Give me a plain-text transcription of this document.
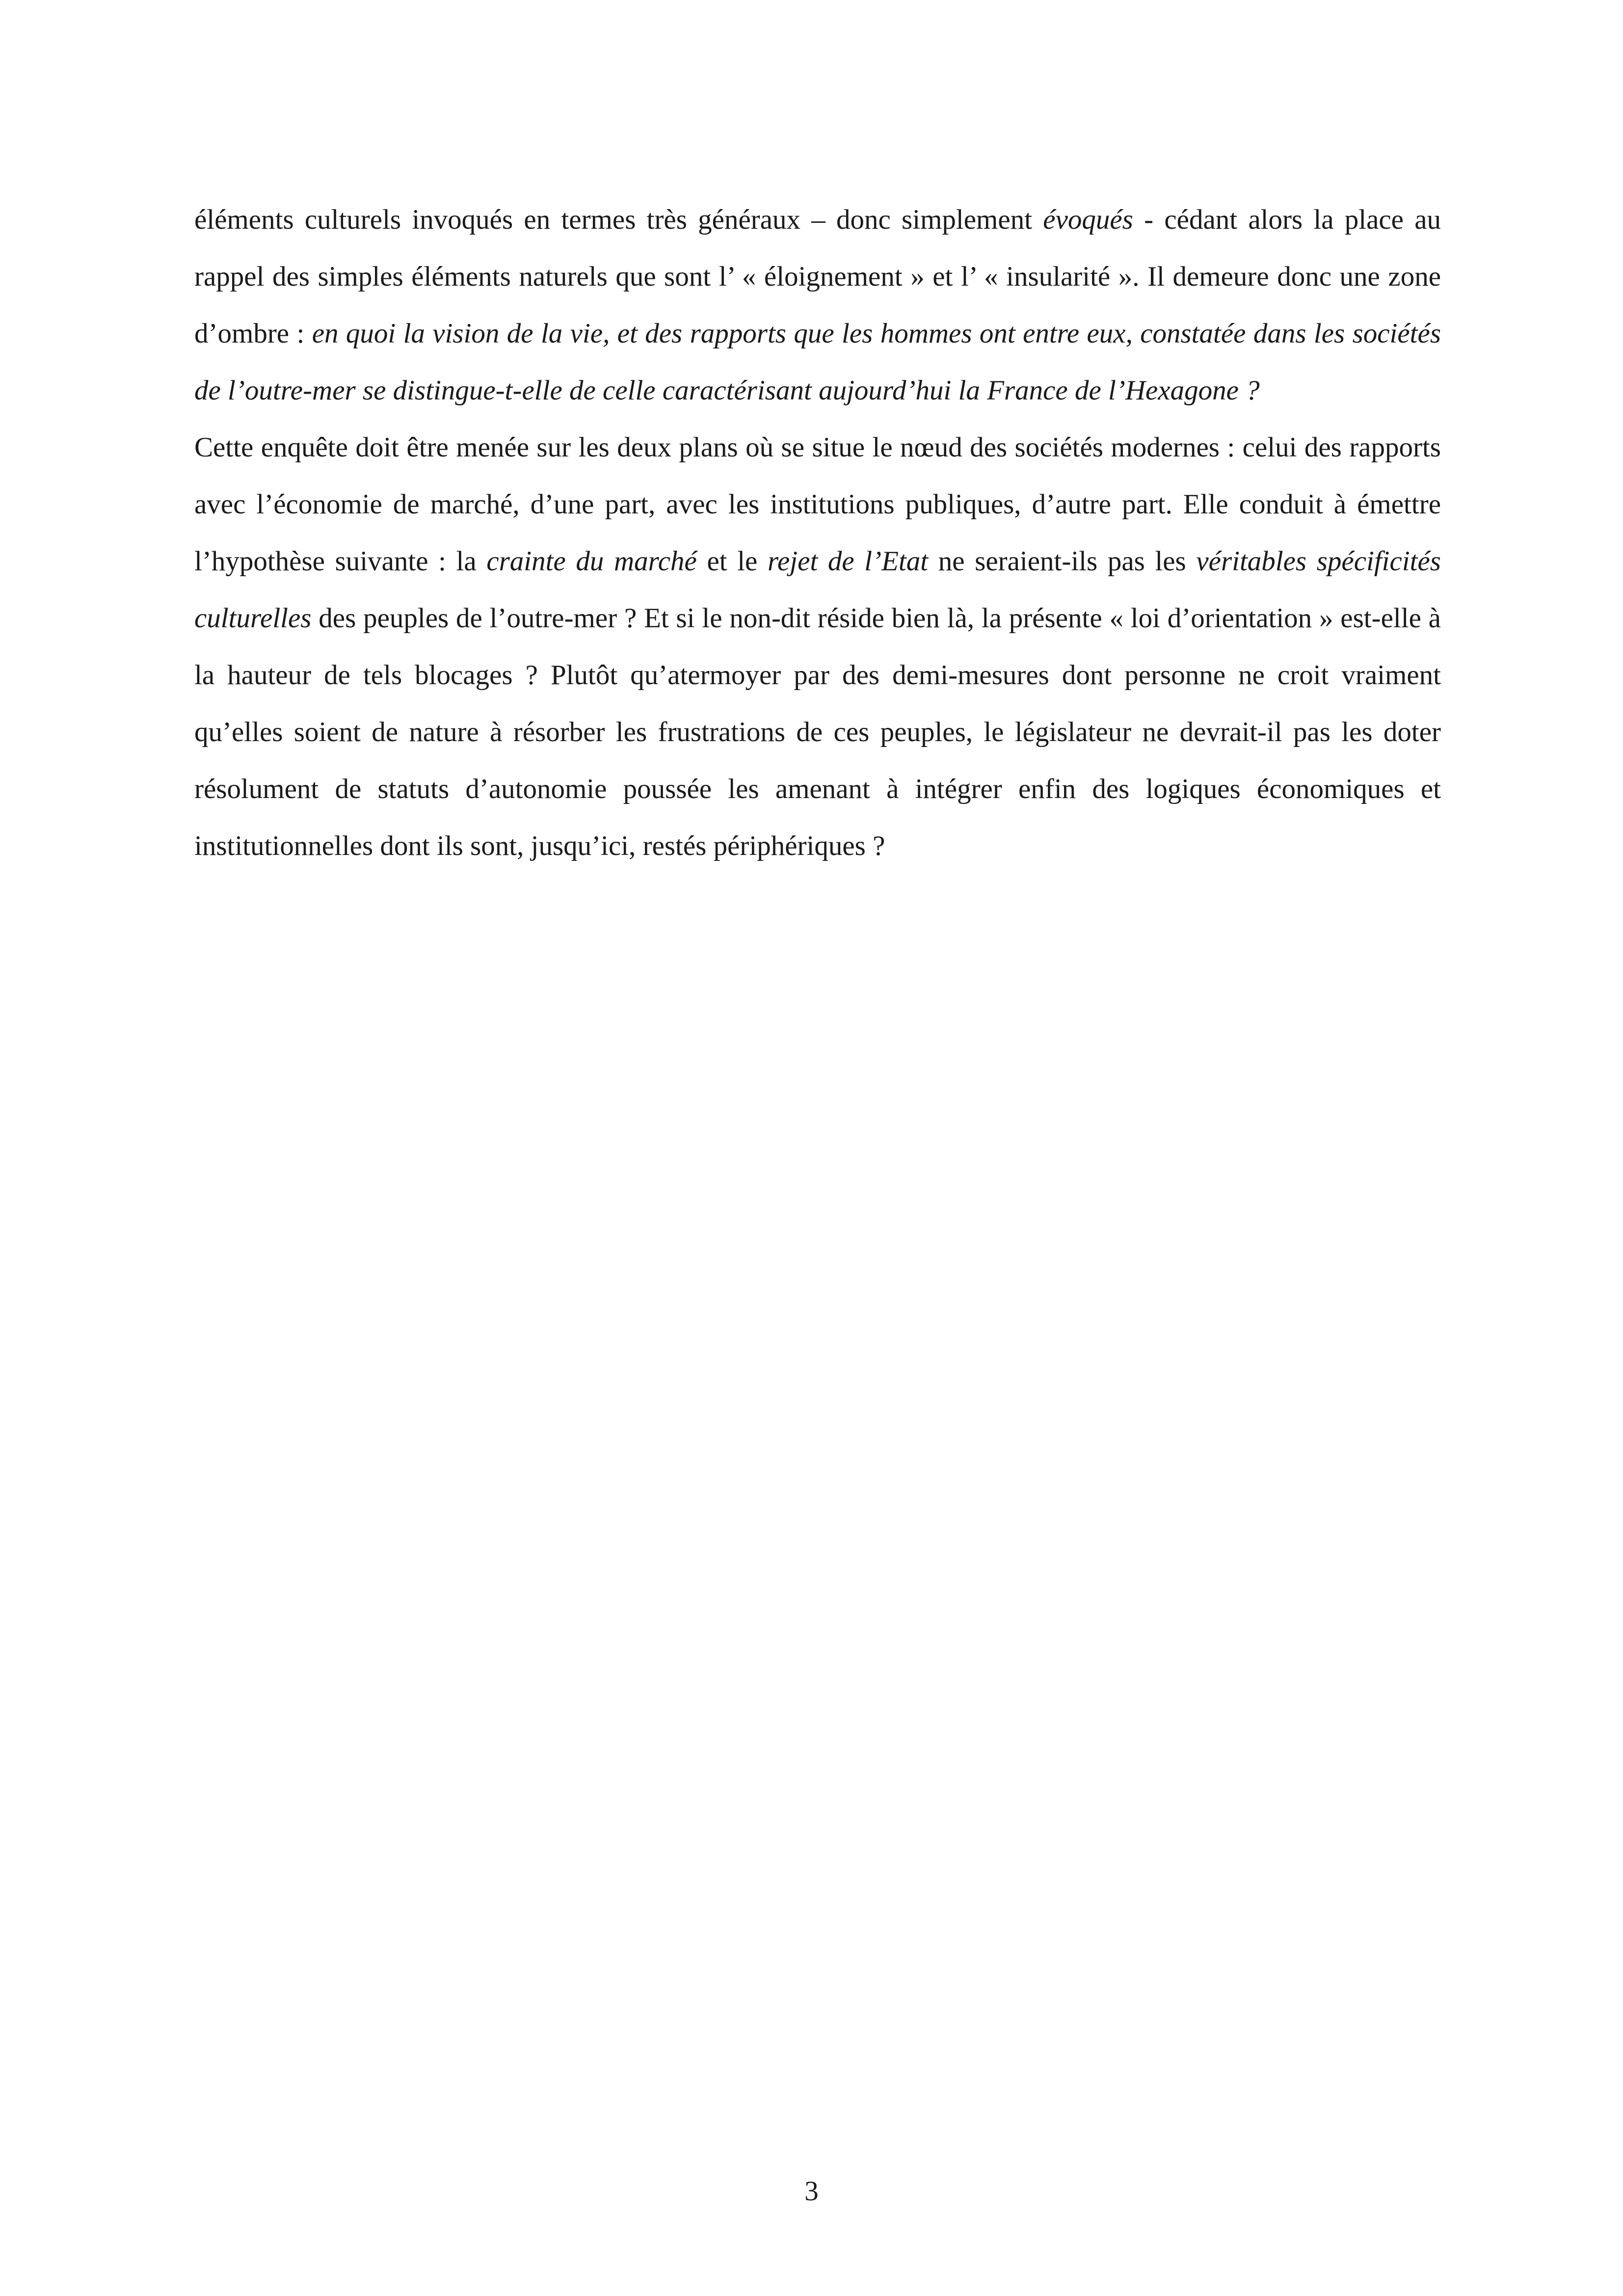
éléments culturels invoqués en termes très généraux – donc simplement évoqués - cédant alors la place au rappel des simples éléments naturels que sont l’ « éloignement » et l’ « insularité ». Il demeure donc une zone d’ombre : en quoi la vision de la vie, et des rapports que les hommes ont entre eux, constatée dans les sociétés de l’outre-mer se distingue-t-elle de celle caractérisant aujourd’hui la France de l’Hexagone ?

Cette enquête doit être menée sur les deux plans où se situe le nœud des sociétés modernes : celui des rapports avec l’économie de marché, d’une part, avec les institutions publiques, d’autre part. Elle conduit à émettre l’hypothèse suivante : la crainte du marché et le rejet de l’Etat ne seraient-ils pas les véritables spécificités culturelles des peuples de l’outre-mer ? Et si le non-dit réside bien là, la présente « loi d’orientation » est-elle à la hauteur de tels blocages ? Plutôt qu’atermoyer par des demi-mesures dont personne ne croit vraiment qu’elles soient de nature à résorber les frustrations de ces peuples, le législateur ne devrait-il pas les doter résolument de statuts d’autonomie poussée les amenant à intégrer enfin des logiques économiques et institutionnelles dont ils sont, jusqu’ici, restés périphériques ?

3
